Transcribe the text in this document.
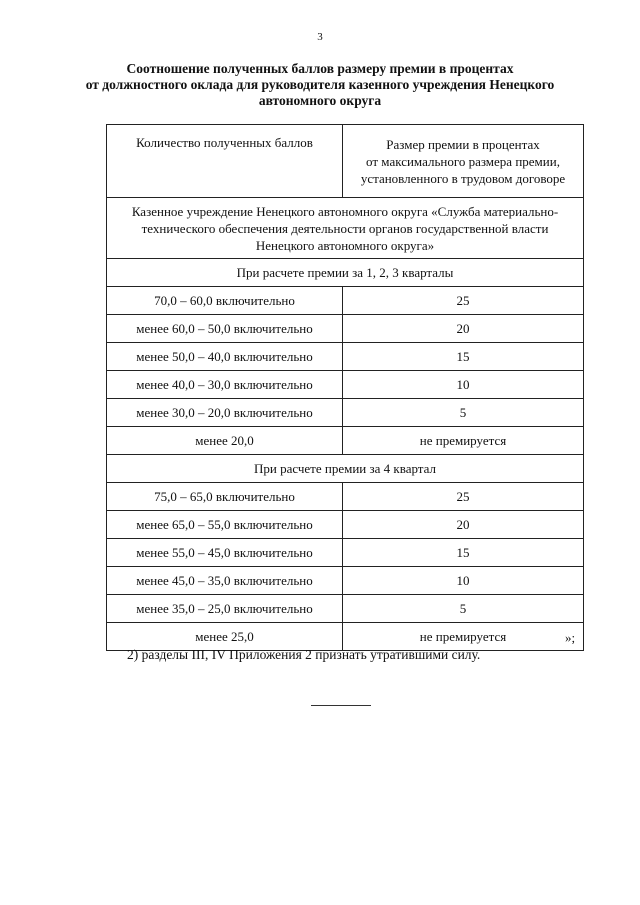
3
Соотношение полученных баллов размеру премии в процентах
от должностного оклада для руководителя казенного учреждения Ненецкого
автономного округа
Количество полученных баллов	Размер премии в процентах
от максимального размера премии,
установленного в трудовом договоре

Казенное учреждение Ненецкого автономного округа «Служба материально-
технического обеспечения деятельности органов государственной власти
Ненецкого автономного округа»	

При расчете премии за 1, 2, 3 кварталы	
70,0 – 60,0 включительно	25
менее 60,0 – 50,0 включительно	20
менее 50,0 – 40,0 включительно	15
менее 40,0 – 30,0 включительно	10
менее 30,0 – 20,0 включительно	5
менее 20,0	не премируется
При расчете премии за 4 квартал	
75,0 – 65,0 включительно	25
менее 65,0 – 55,0 включительно	20
менее 55,0 – 45,0 включительно	15
менее 45,0 – 35,0 включительно	10
менее 35,0 – 25,0 включительно	5
менее 25,0	не премируется	»;
2) разделы III, IV Приложения 2 признать утратившими силу.
